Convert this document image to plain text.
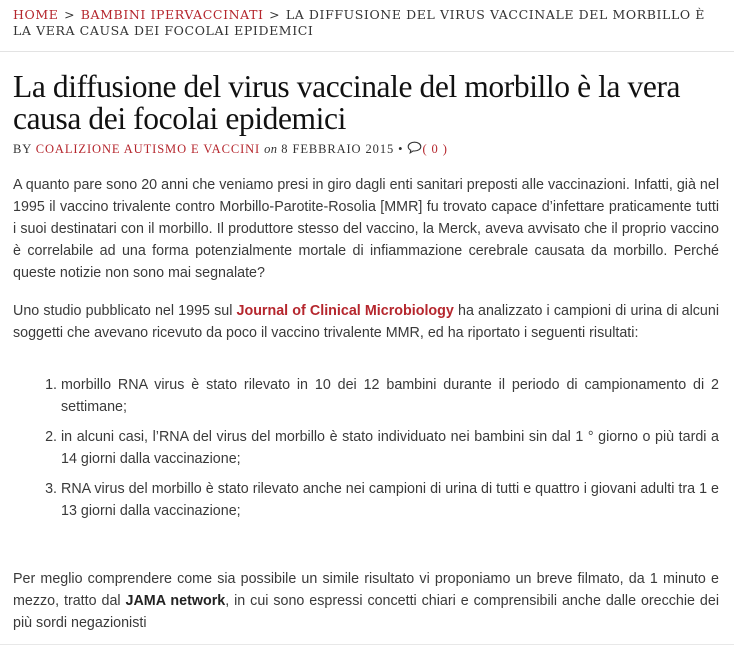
HOME > BAMBINI IPERVACCINATI > LA DIFFUSIONE DEL VIRUS VACCINALE DEL MORBILLO È LA VERA CAUSA DEI FOCOLAI EPIDEMICI
La diffusione del virus vaccinale del morbillo è la vera causa dei focolai epidemici
BY COALIZIONE AUTISMO E VACCINI on 8 FEBBRAIO 2015 • ( 0 )

A quanto pare sono 20 anni che veniamo presi in giro dagli enti sanitari preposti alle vaccinazioni. Infatti, già nel 1995 il vaccino trivalente contro Morbillo-Parotite-Rosolia [MMR] fu trovato capace d’infettare praticamente tutti i suoi destinatari con il morbillo. Il produttore stesso del vaccino, la Merck, aveva avvisato che il proprio vaccino è correlabile ad una forma potenzialmente mortale di infiammazione cerebrale causata da morbillo. Perché queste notizie non sono mai segnalate?

Uno studio pubblicato nel 1995 sul Journal of Clinical Microbiology ha analizzato i campioni di urina di alcuni soggetti che avevano ricevuto da poco il vaccino trivalente MMR, ed ha riportato i seguenti risultati:

1. morbillo RNA virus è stato rilevato in 10 dei 12 bambini durante il periodo di campionamento di 2 settimane;
2. in alcuni casi, l’RNA del virus del morbillo è stato individuato nei bambini sin dal 1 ° giorno o più tardi a 14 giorni dalla vaccinazione;
3. RNA virus del morbillo è stato rilevato anche nei campioni di urina di tutti e quattro i giovani adulti tra 1 e 13 giorni dalla vaccinazione;

Per meglio comprendere come sia possibile un simile risultato vi proponiamo un breve filmato, da 1 minuto e mezzo, tratto dal JAMA network, in cui sono espressi concetti chiari e comprensibili anche dalle orecchie dei più sordi negazionisti
